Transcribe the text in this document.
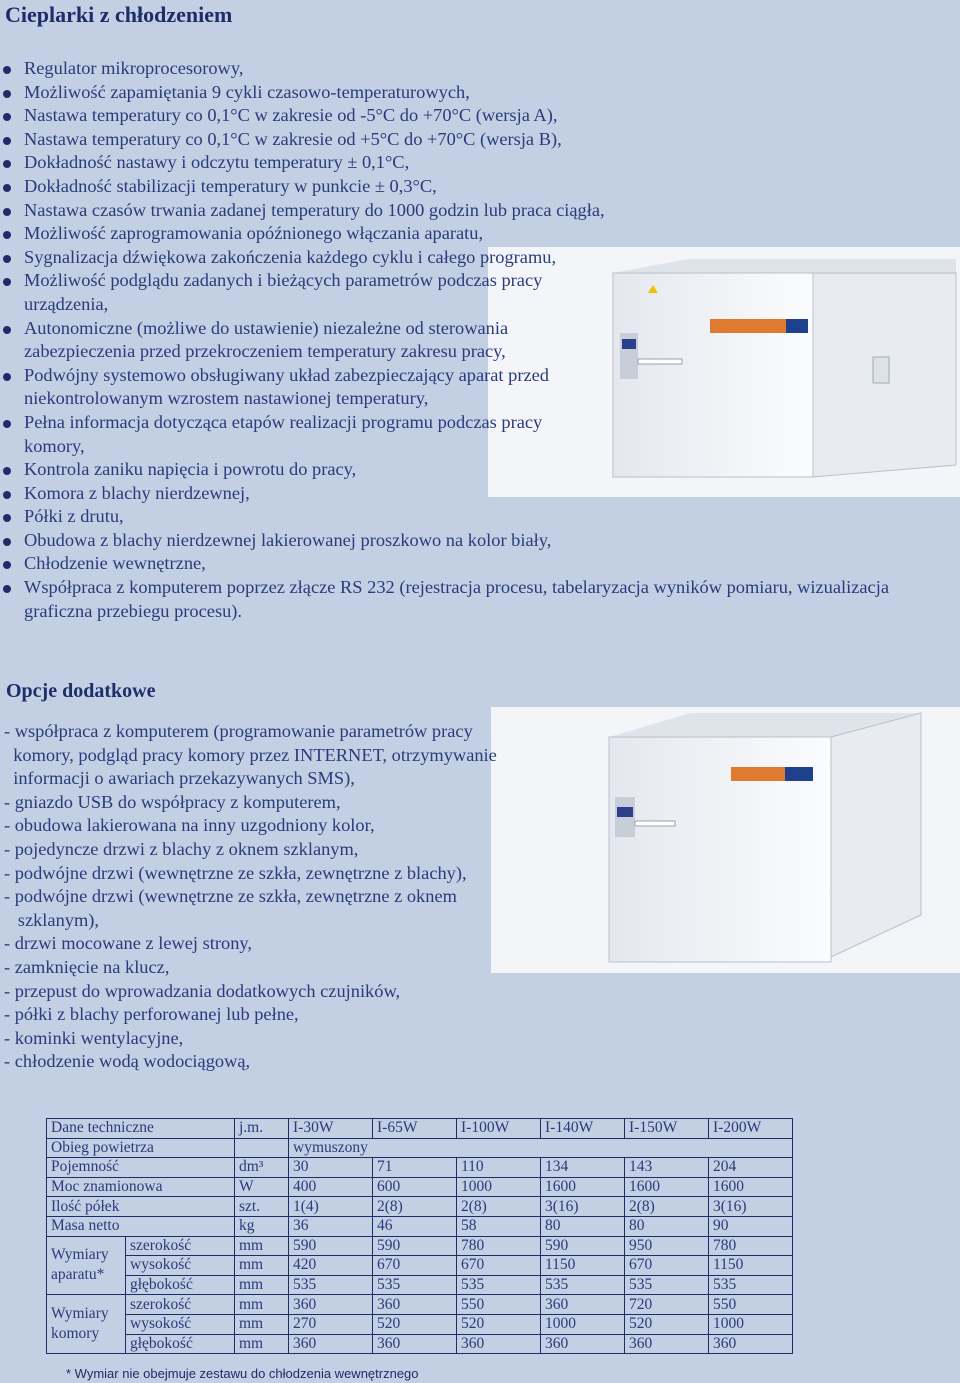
Cieplarki z chłodzeniem
Regulator mikroprocesorowy,
Możliwość zapamiętania 9 cykli czasowo-temperaturowych,
Nastawa temperatury co 0,1°C w zakresie od -5°C do +70°C (wersja A),
Nastawa temperatury co 0,1°C w zakresie od +5°C do +70°C (wersja B),
Dokładność nastawy i odczytu temperatury ± 0,1°C,
Dokładność stabilizacji temperatury w punkcie ± 0,3°C,
Nastawa czasów trwania zadanej temperatury do 1000 godzin lub praca ciągła,
Możliwość zaprogramowania opóźnionego włączania aparatu,
Sygnalizacja dźwiękowa zakończenia każdego cyklu i całego programu,
Możliwość podglądu zadanych i bieżących parametrów podczas pracy urządzenia,
Autonomiczne (możliwe do ustawienie) niezależne od sterowania zabezpieczenia przed przekroczeniem temperatury zakresu pracy,
Podwójny systemowo obsługiwany układ zabezpieczający aparat przed niekontrolowanym wzrostem nastawionej temperatury,
Pełna informacja dotycząca etapów realizacji programu podczas pracy komory,
Kontrola zaniku napięcia i powrotu do pracy,
Komora z blachy nierdzewnej,
Półki z drutu,
Obudowa z blachy nierdzewnej lakierowanej proszkowo na kolor biały,
Chłodzenie wewnętrzne,
Współpraca z komputerem poprzez złącze RS 232 (rejestracja procesu, tabelaryzacja wyników pomiaru, wizualizacja graficzna przebiegu procesu).
Opcje dodatkowe
- współpraca z komputerem (programowanie parametrów pracy
komory, podgląd pracy komory przez INTERNET, otrzymywanie
informacji o awariach przekazywanych SMS),
- gniazdo USB do współpracy z komputerem,
- obudowa lakierowana na inny uzgodniony kolor,
- pojedyncze drzwi z blachy z oknem szklanym,
- podwójne drzwi (wewnętrzne ze szkła, zewnętrzne z blachy),
- podwójne drzwi (wewnętrzne ze szkła, zewnętrzne z oknem
szklanym),
- drzwi mocowane z lewej strony,
- zamknięcie na klucz,
- przepust do wprowadzania dodatkowych czujników,
- półki z blachy perforowanej lub pełne,
- kominki wentylacyjne,
- chłodzenie wodą wodociągową,
Dane techniczne		j.m.	I-30W	I-65W	I-100W	I-140W	I-150W	I-200W
Obieg powietrza			wymuszony					
Pojemność		dm³	30	71	110	134	143	204
Moc znamionowa		W	400	600	1000	1600	1600	1600
Ilość półek		szt.	1(4)	2(8)	2(8)	3(16)	2(8)	3(16)
Masa netto		kg	36	46	58	80	80	90
Wymiary aparatu*	szerokość	mm	590	590	780	590	950	780
	wysokość	mm	420	670	670	1150	670	1150
	głębokość	mm	535	535	535	535	535	535
Wymiary komory	szerokość	mm	360	360	550	360	720	550
	wysokość	mm	270	520	520	1000	520	1000
	głębokość	mm	360	360	360	360	360	360
* Wymiar nie obejmuje zestawu do chłodzenia wewnętrznego
